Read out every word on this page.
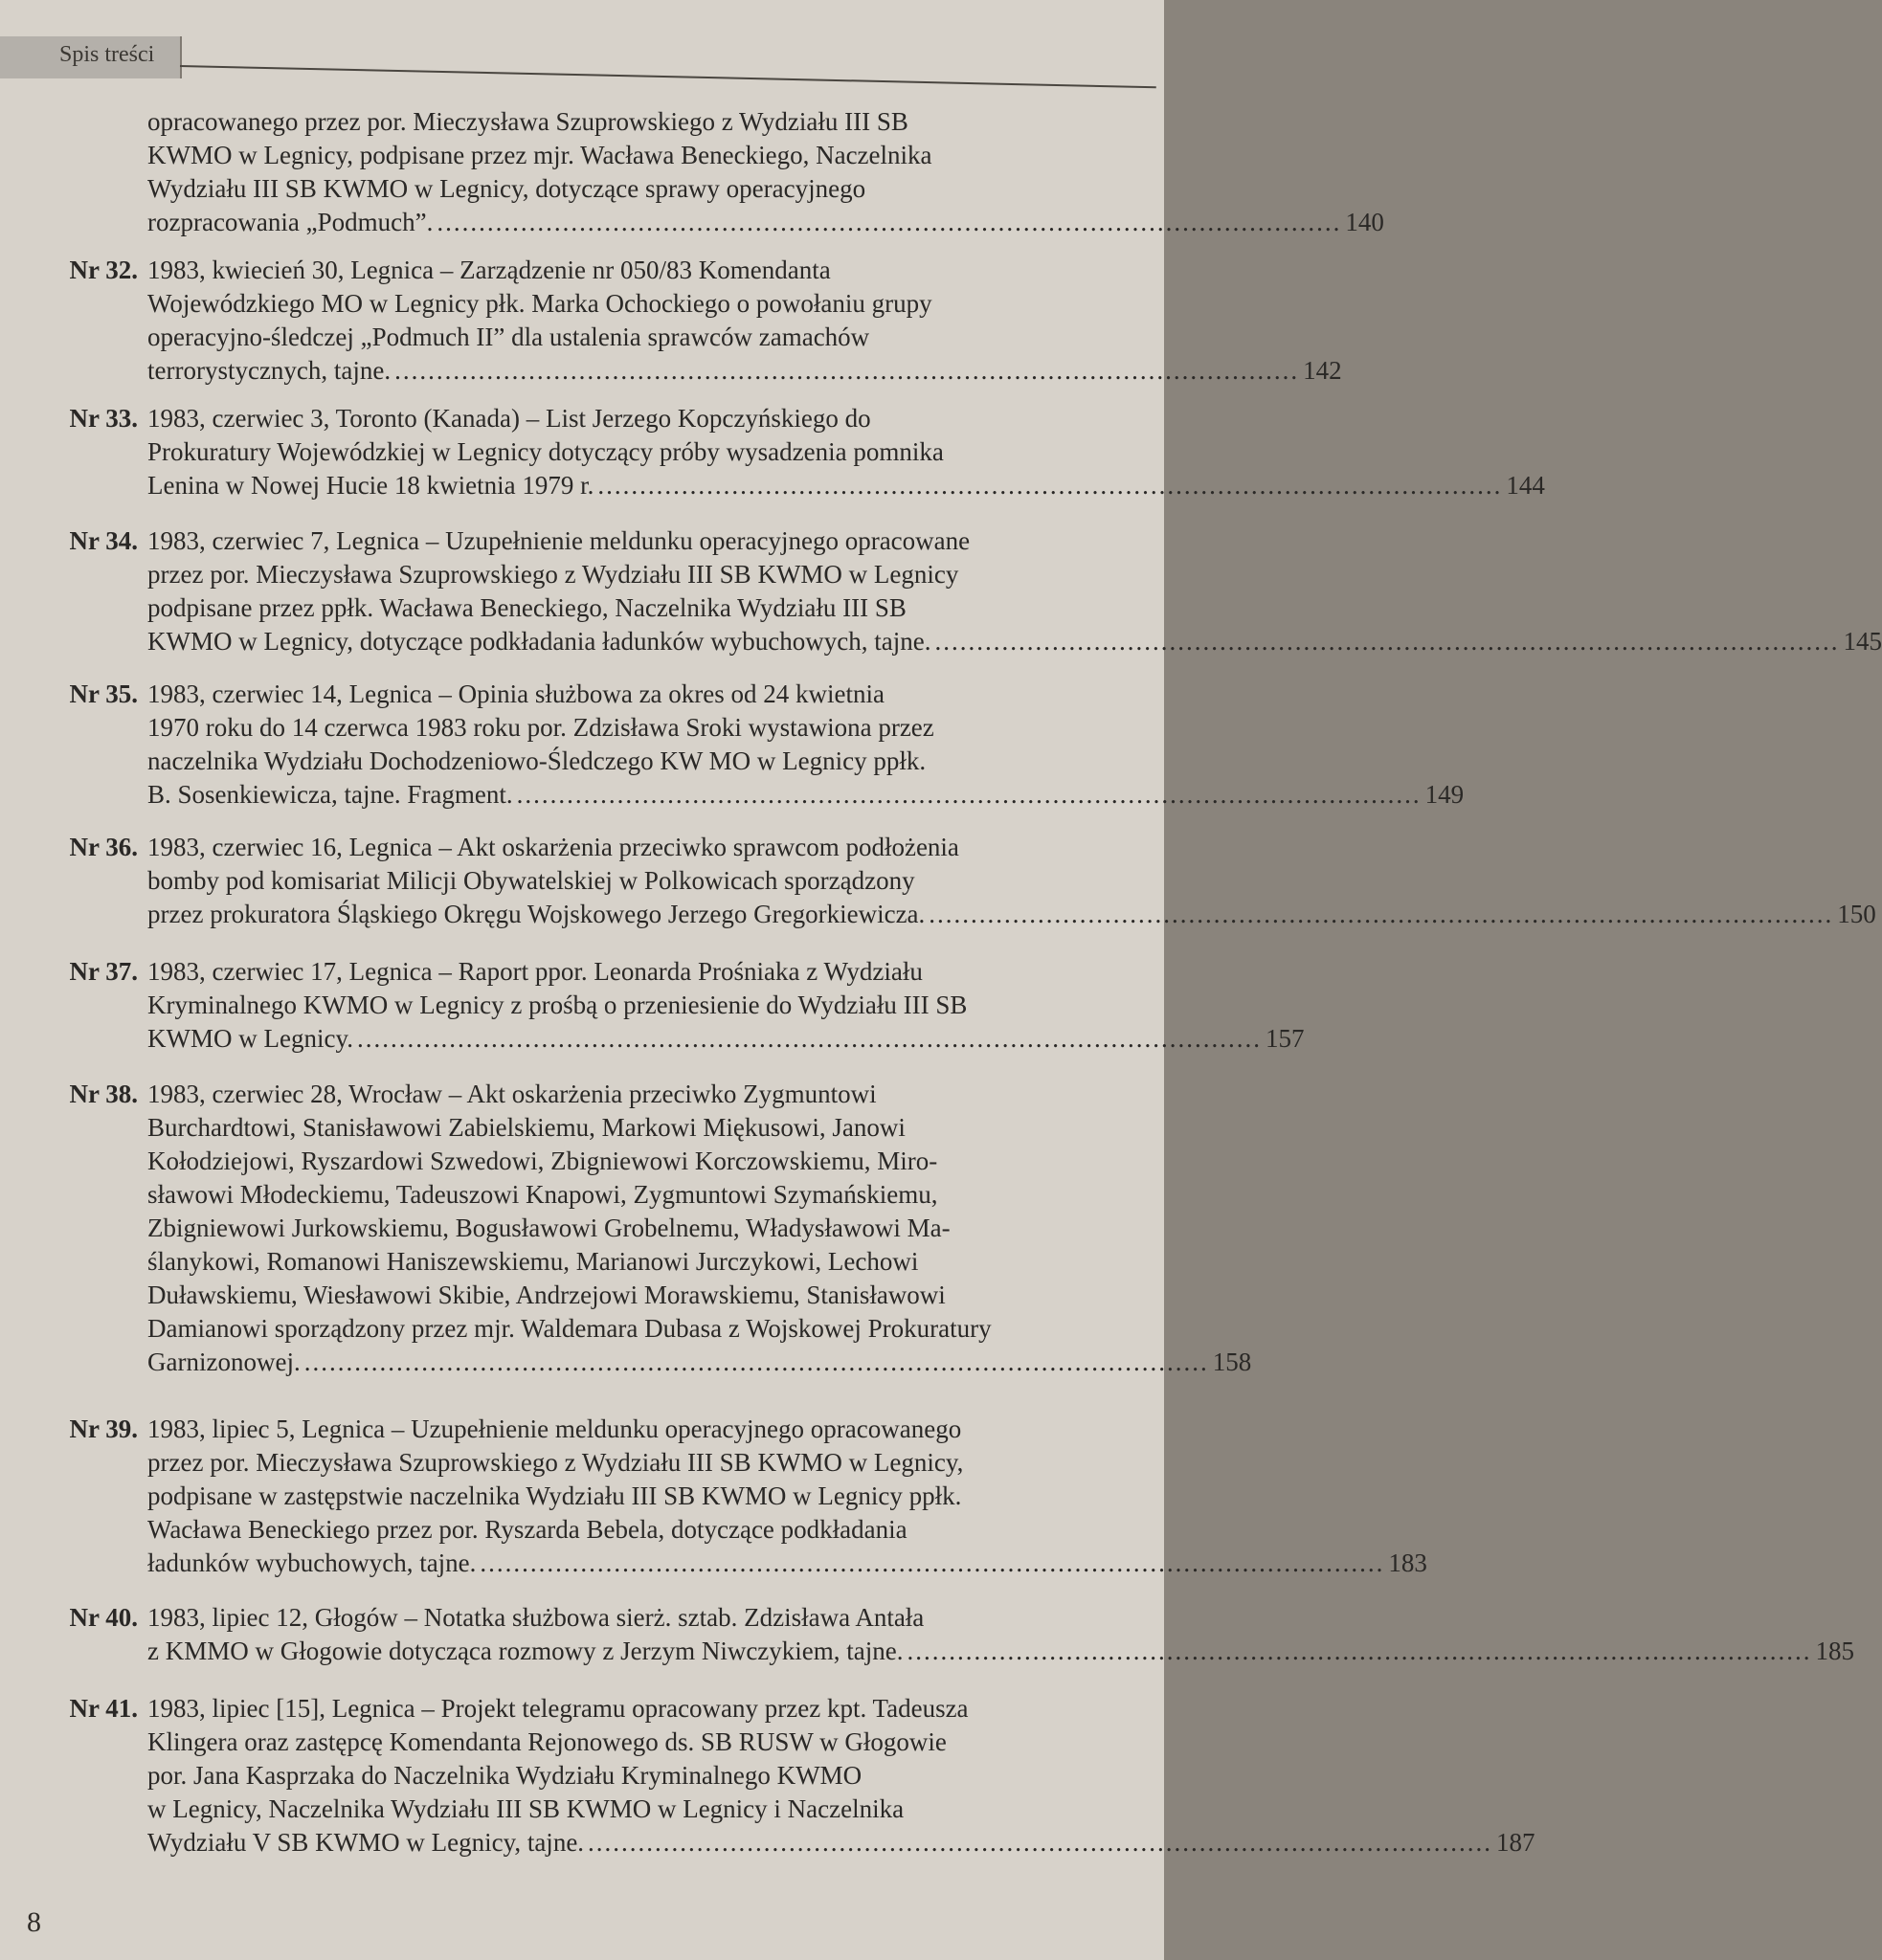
Spis treści
opracowanego przez por. Mieczysława Szuprowskiego z Wydziału III SB
KWMO w Legnicy, podpisane przez mjr. Wacława Beneckiego, Naczelnika
Wydziału III SB KWMO w Legnicy, dotyczące sprawy operacyjnego
rozpracowania „Podmuch”. ............................................................................................................ 140
Nr 32. 1983, kwiecień 30, Legnica – Zarządzenie nr 050/83 Komendanta
Wojewódzkiego MO w Legnicy płk. Marka Ochockiego o powołaniu grupy
operacyjno-śledczej „Podmuch II” dla ustalenia sprawców zamachów
terrorystycznych, tajne. ............................................................................................................ 142
Nr 33. 1983, czerwiec 3, Toronto (Kanada) – List Jerzego Kopczyńskiego do
Prokuratury Wojewódzkiej w Legnicy dotyczący próby wysadzenia pomnika
Lenina w Nowej Hucie 18 kwietnia 1979 r. ............................................................................................................ 144
Nr 34. 1983, czerwiec 7, Legnica – Uzupełnienie meldunku operacyjnego opracowane
przez por. Mieczysława Szuprowskiego z Wydziału III SB KWMO w Legnicy
podpisane przez ppłk. Wacława Beneckiego, Naczelnika Wydziału III SB
KWMO w Legnicy, dotyczące podkładania ładunków wybuchowych, tajne. ............................................................................................................ 145
Nr 35. 1983, czerwiec 14, Legnica – Opinia służbowa za okres od 24 kwietnia
1970 roku do 14 czerwca 1983 roku por. Zdzisława Sroki wystawiona przez
naczelnika Wydziału Dochodzeniowo-Śledczego KW MO w Legnicy ppłk.
B. Sosenkiewicza, tajne. Fragment. ............................................................................................................ 149
Nr 36. 1983, czerwiec 16, Legnica – Akt oskarżenia przeciwko sprawcom podłożenia
bomby pod komisariat Milicji Obywatelskiej w Polkowicach sporządzony
przez prokuratora Śląskiego Okręgu Wojskowego Jerzego Gregorkiewicza. ............................................................................................................ 150
Nr 37. 1983, czerwiec 17, Legnica – Raport ppor. Leonarda Prośniaka z Wydziału
Kryminalnego KWMO w Legnicy z prośbą o przeniesienie do Wydziału III SB
KWMO w Legnicy. ............................................................................................................ 157
Nr 38. 1983, czerwiec 28, Wrocław – Akt oskarżenia przeciwko Zygmuntowi
Burchardtowi, Stanisławowi Zabielskiemu, Markowi Miękusowi, Janowi
Kołodziejowi, Ryszardowi Szwedowi, Zbigniewowi Korczowskiemu, Miro-
sławowi Młodeckiemu, Tadeuszowi Knapowi, Zygmuntowi Szymańskiemu,
Zbigniewowi Jurkowskiemu, Bogusławowi Grobelnemu, Władysławowi Ma-
ślanykowi, Romanowi Haniszewskiemu, Marianowi Jurczykowi, Lechowi
Duławskiemu, Wiesławowi Skibie, Andrzejowi Morawskiemu, Stanisławowi
Damianowi sporządzony przez mjr. Waldemara Dubasa z Wojskowej Prokuratury
Garnizonowej. ............................................................................................................ 158
Nr 39. 1983, lipiec 5, Legnica – Uzupełnienie meldunku operacyjnego opracowanego
przez por. Mieczysława Szuprowskiego z Wydziału III SB KWMO w Legnicy,
podpisane w zastępstwie naczelnika Wydziału III SB KWMO w Legnicy ppłk.
Wacława Beneckiego przez por. Ryszarda Bebela, dotyczące podkładania
ładunków wybuchowych, tajne. ............................................................................................................ 183
Nr 40. 1983, lipiec 12, Głogów – Notatka służbowa sierż. sztab. Zdzisława Antała
z KMMO w Głogowie dotycząca rozmowy z Jerzym Niwczykiem, tajne. ............................................................................................................ 185
Nr 41. 1983, lipiec [15], Legnica – Projekt telegramu opracowany przez kpt. Tadeusza
Klingera oraz zastępcę Komendanta Rejonowego ds. SB RUSW w Głogowie
por. Jana Kasprzaka do Naczelnika Wydziału Kryminalnego KWMO
w Legnicy, Naczelnika Wydziału III SB KWMO w Legnicy i Naczelnika
Wydziału V SB KWMO w Legnicy, tajne. ............................................................................................................ 187
8
